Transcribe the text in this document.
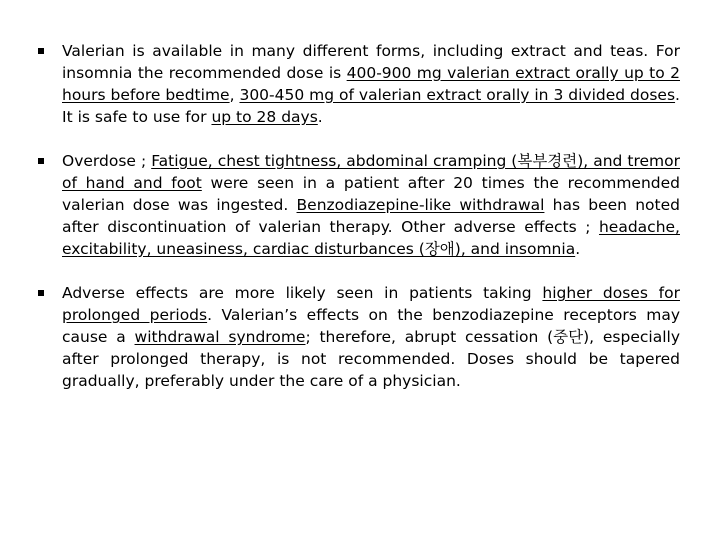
Valerian is available in many different forms, including extract and teas. For insomnia the recommended dose is 400-900 mg valerian extract orally up to 2 hours before bedtime, 300-450 mg of valerian extract orally in 3 divided doses. It is safe to use for up to 28 days.
Overdose ; Fatigue, chest tightness, abdominal cramping (복부경련), and tremor of hand and foot were seen in a patient after 20 times the recommended valerian dose was ingested. Benzodiazepine-like withdrawal has been noted after discontinuation of valerian therapy. Other adverse effects ; headache, excitability, uneasiness, cardiac disturbances (장애), and insomnia.
Adverse effects are more likely seen in patients taking higher doses for prolonged periods. Valerian’s effects on the benzodiazepine receptors may cause a withdrawal syndrome; therefore, abrupt cessation (중단), especially after prolonged therapy, is not recommended. Doses should be tapered gradually, preferably under the care of a physician.
